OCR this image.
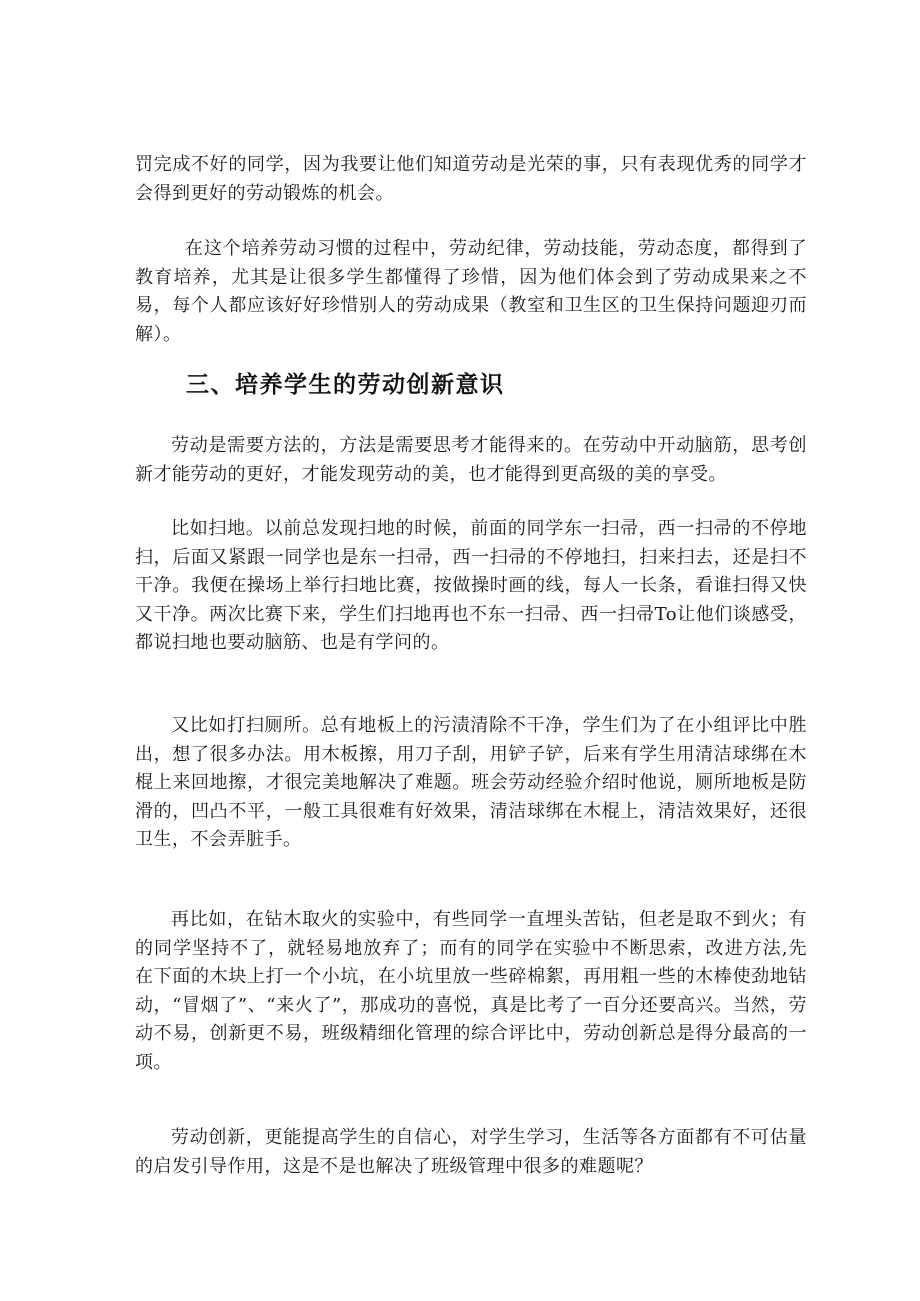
罚完成不好的同学，因为我要让他们知道劳动是光荣的事，只有表现优秀的同学才会得到更好的劳动锻炼的机会。

在这个培养劳动习惯的过程中，劳动纪律，劳动技能，劳动态度，都得到了教育培养，尤其是让很多学生都懂得了珍惜，因为他们体会到了劳动成果来之不易，每个人都应该好好珍惜别人的劳动成果（教室和卫生区的卫生保持问题迎刃而解）。

三、培养学生的劳动创新意识

劳动是需要方法的，方法是需要思考才能得来的。在劳动中开动脑筋，思考创新才能劳动的更好，才能发现劳动的美，也才能得到更高级的美的享受。

比如扫地。以前总发现扫地的时候，前面的同学东一扫帚，西一扫帚的不停地扫，后面又紧跟一同学也是东一扫帚，西一扫帚的不停地扫，扫来扫去，还是扫不干净。我便在操场上举行扫地比赛，按做操时画的线，每人一长条，看谁扫得又快又干净。两次比赛下来，学生们扫地再也不东一扫帚、西一扫帚To让他们谈感受，都说扫地也要动脑筋、也是有学问的。

又比如打扫厕所。总有地板上的污渍清除不干净，学生们为了在小组评比中胜出，想了很多办法。用木板擦，用刀子刮，用铲子铲，后来有学生用清洁球绑在木棍上来回地擦，才很完美地解决了难题。班会劳动经验介绍时他说，厕所地板是防滑的，凹凸不平，一般工具很难有好效果，清洁球绑在木棍上，清洁效果好，还很卫生，不会弄脏手。

再比如，在钻木取火的实验中，有些同学一直埋头苦钻，但老是取不到火；有的同学坚持不了，就轻易地放弃了；而有的同学在实验中不断思索，改进方法,先在下面的木块上打一个小坑，在小坑里放一些碎棉絮，再用粗一些的木棒使劲地钻动，“冒烟了”、“来火了”，那成功的喜悦，真是比考了一百分还要高兴。当然，劳动不易，创新更不易，班级精细化管理的综合评比中，劳动创新总是得分最高的一项。

劳动创新，更能提高学生的自信心，对学生学习，生活等各方面都有不可估量的启发引导作用，这是不是也解决了班级管理中很多的难题呢？
